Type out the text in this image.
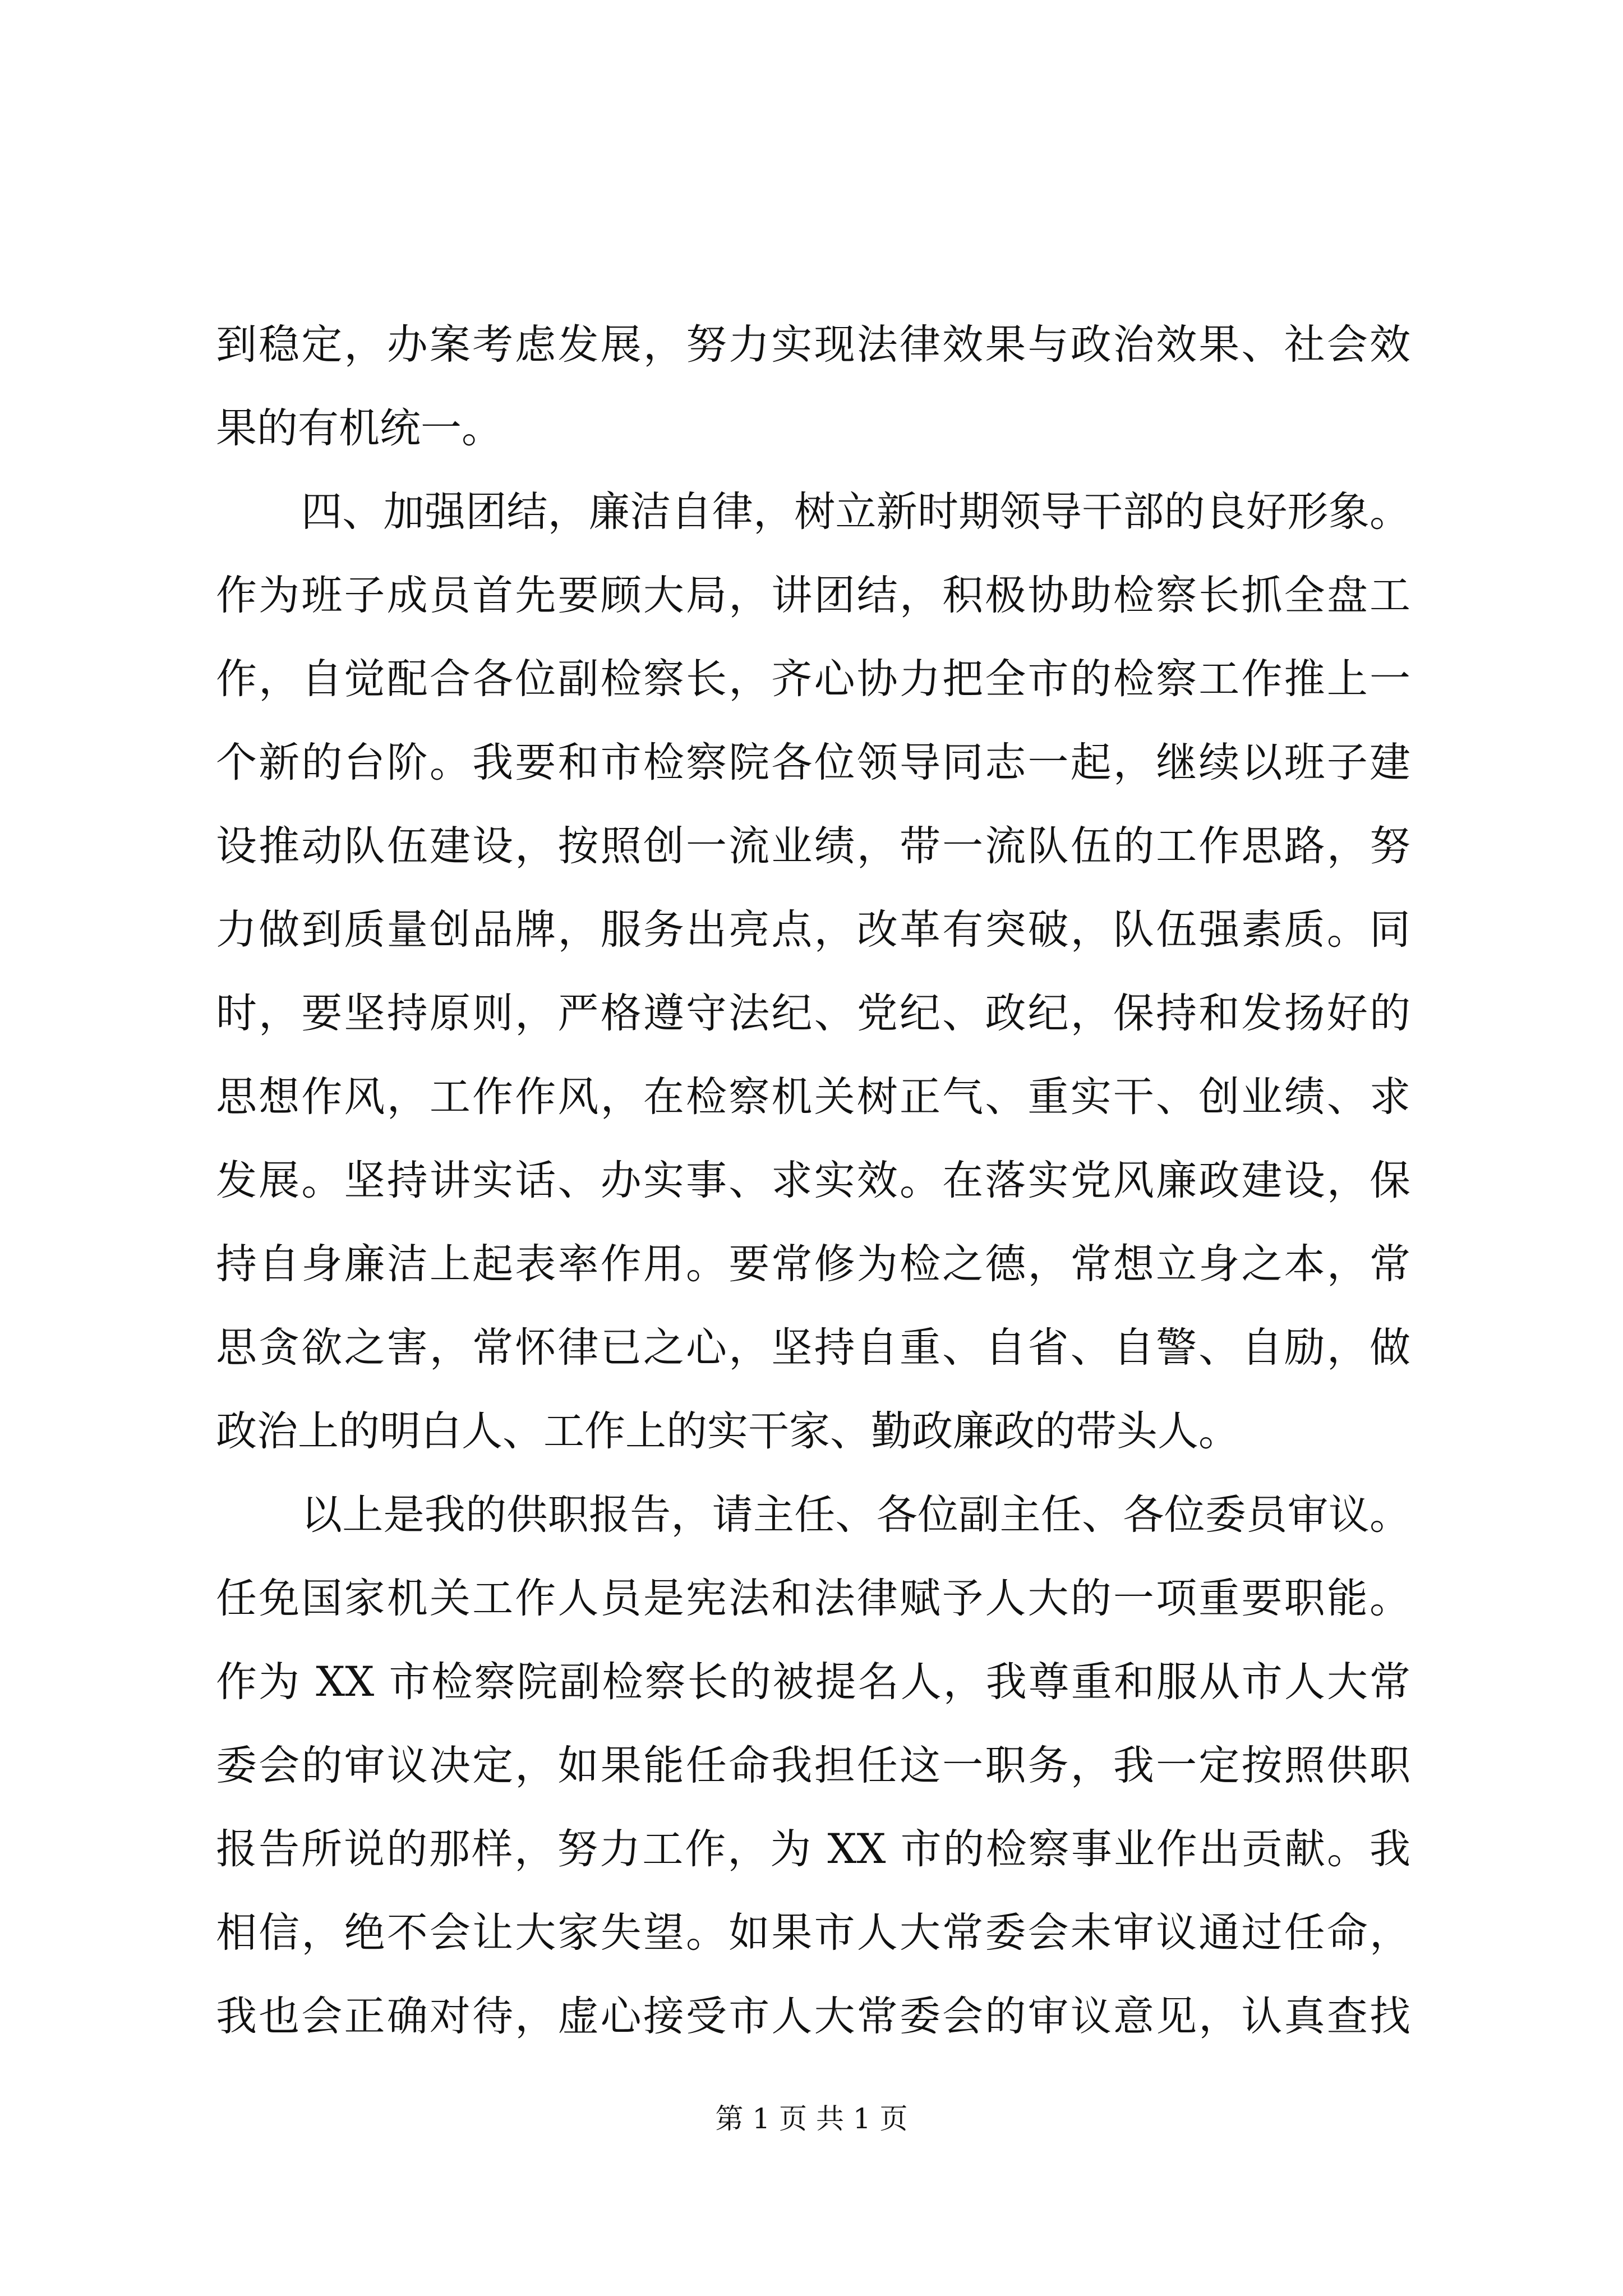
到稳定，办案考虑发展，努力实现法律效果与政治效果、社会效
果的有机统一。
四、加强团结，廉洁自律，树立新时期领导干部的良好形象。
作为班子成员首先要顾大局，讲团结，积极协助检察长抓全盘工
作，自觉配合各位副检察长，齐心协力把全市的检察工作推上一
个新的台阶。我要和市检察院各位领导同志一起，继续以班子建
设推动队伍建设，按照创一流业绩，带一流队伍的工作思路，努
力做到质量创品牌，服务出亮点，改革有突破，队伍强素质。同
时，要坚持原则，严格遵守法纪、党纪、政纪，保持和发扬好的
思想作风，工作作风，在检察机关树正气、重实干、创业绩、求
发展。坚持讲实话、办实事、求实效。在落实党风廉政建设，保
持自身廉洁上起表率作用。要常修为检之德，常想立身之本，常
思贪欲之害，常怀律已之心，坚持自重、自省、自警、自励，做
政治上的明白人、工作上的实干家、勤政廉政的带头人。
以上是我的供职报告，请主任、各位副主任、各位委员审议。
任免国家机关工作人员是宪法和法律赋予人大的一项重要职能。
作为 XX 市检察院副检察长的被提名人，我尊重和服从市人大常
委会的审议决定，如果能任命我担任这一职务，我一定按照供职
报告所说的那样，努力工作，为 XX 市的检察事业作出贡献。我
相信，绝不会让大家失望。如果市人大常委会未审议通过任命，
我也会正确对待，虚心接受市人大常委会的审议意见，认真查找
第 1 页 共 1 页
